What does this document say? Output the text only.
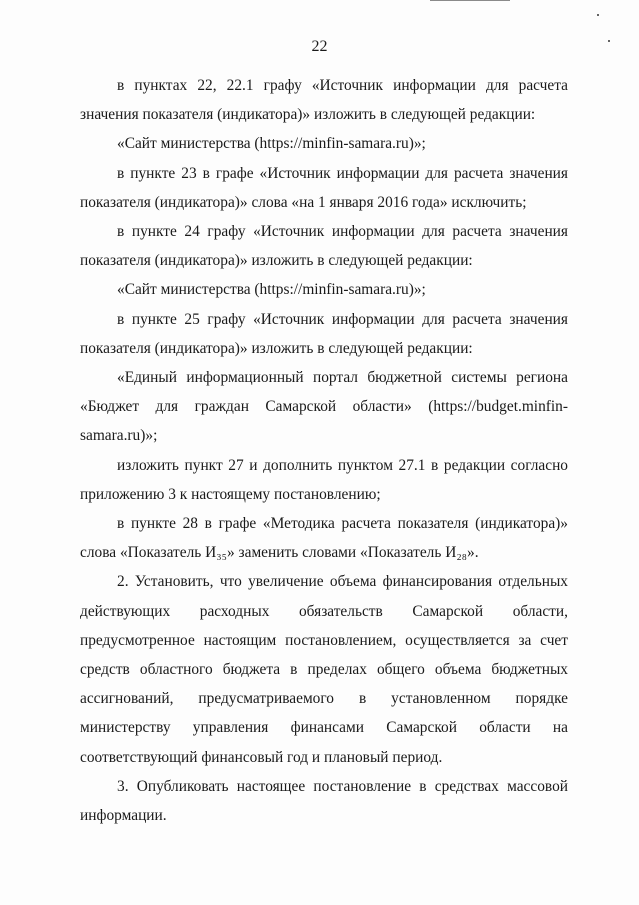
22

в пунктах 22, 22.1 графу «Источник информации для расчета значения показателя (индикатора)» изложить в следующей редакции:

«Сайт министерства (https://minfin-samara.ru)»;

в пункте 23 в графе «Источник информации для расчета значения показателя (индикатора)» слова «на 1 января 2016 года» исключить;

в пункте 24 графу «Источник информации для расчета значения показателя (индикатора)» изложить в следующей редакции:

«Сайт министерства (https://minfin-samara.ru)»;

в пункте 25 графу «Источник информации для расчета значения показателя (индикатора)» изложить в следующей редакции:

«Единый информационный портал бюджетной системы региона «Бюджет для граждан Самарской области» (https://budget.minfin-samara.ru)»;

изложить пункт 27 и дополнить пунктом 27.1 в редакции согласно приложению 3 к настоящему постановлению;

в пункте 28 в графе «Методика расчета показателя (индикатора)» слова «Показатель И₃₅» заменить словами «Показатель И₂₈».

2. Установить, что увеличение объема финансирования отдельных действующих расходных обязательств Самарской области, предусмотренное настоящим постановлением, осуществляется за счет средств областного бюджета в пределах общего объема бюджетных ассигнований, предусматриваемого в установленном порядке министерству управления финансами Самарской области на соответствующий финансовый год и плановый период.

3. Опубликовать настоящее постановление в средствах массовой информации.
